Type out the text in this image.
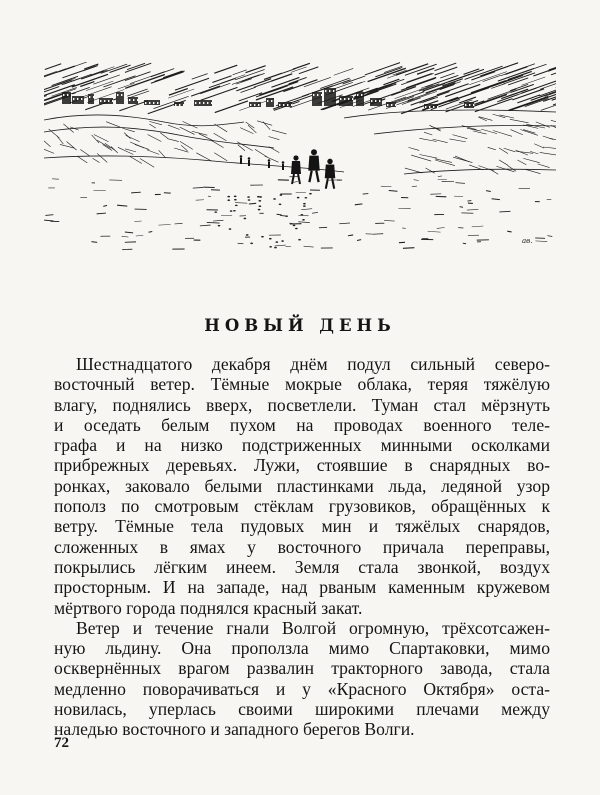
ав.
НОВЫЙ ДЕНЬ
Шестнадцатого декабря днём подул сильный северо-
восточный ветер. Тёмные мокрые облака, теряя тяжёлую
влагу, поднялись вверх, посветлели. Туман стал мёрзнуть
и оседать белым пухом на проводах военного теле-
графа и на низко подстриженных минными осколками
прибрежных деревьях. Лужи, стоявшие в снарядных во-
ронках, заковало белыми пластинками льда, ледяной узор
пополз по смотровым стёклам грузовиков, обращённых к
ветру. Тёмные тела пудовых мин и тяжёлых снарядов,
сложенных в ямах у восточного причала переправы,
покрылись лёгким инеем. Земля стала звонкой, воздух
просторным. И на западе, над рваным каменным кружевом
мёртвого города поднялся красный закат.
Ветер и течение гнали Волгой огромную, трёхсотсажен-
ную льдину. Она проползла мимо Спартаковки, мимо
осквернённых врагом развалин тракторного завода, стала
медленно поворачиваться и у «Красного Октября» оста-
новилась, уперлась своими широкими плечами между
наледью восточного и западного берегов Волги.
72
